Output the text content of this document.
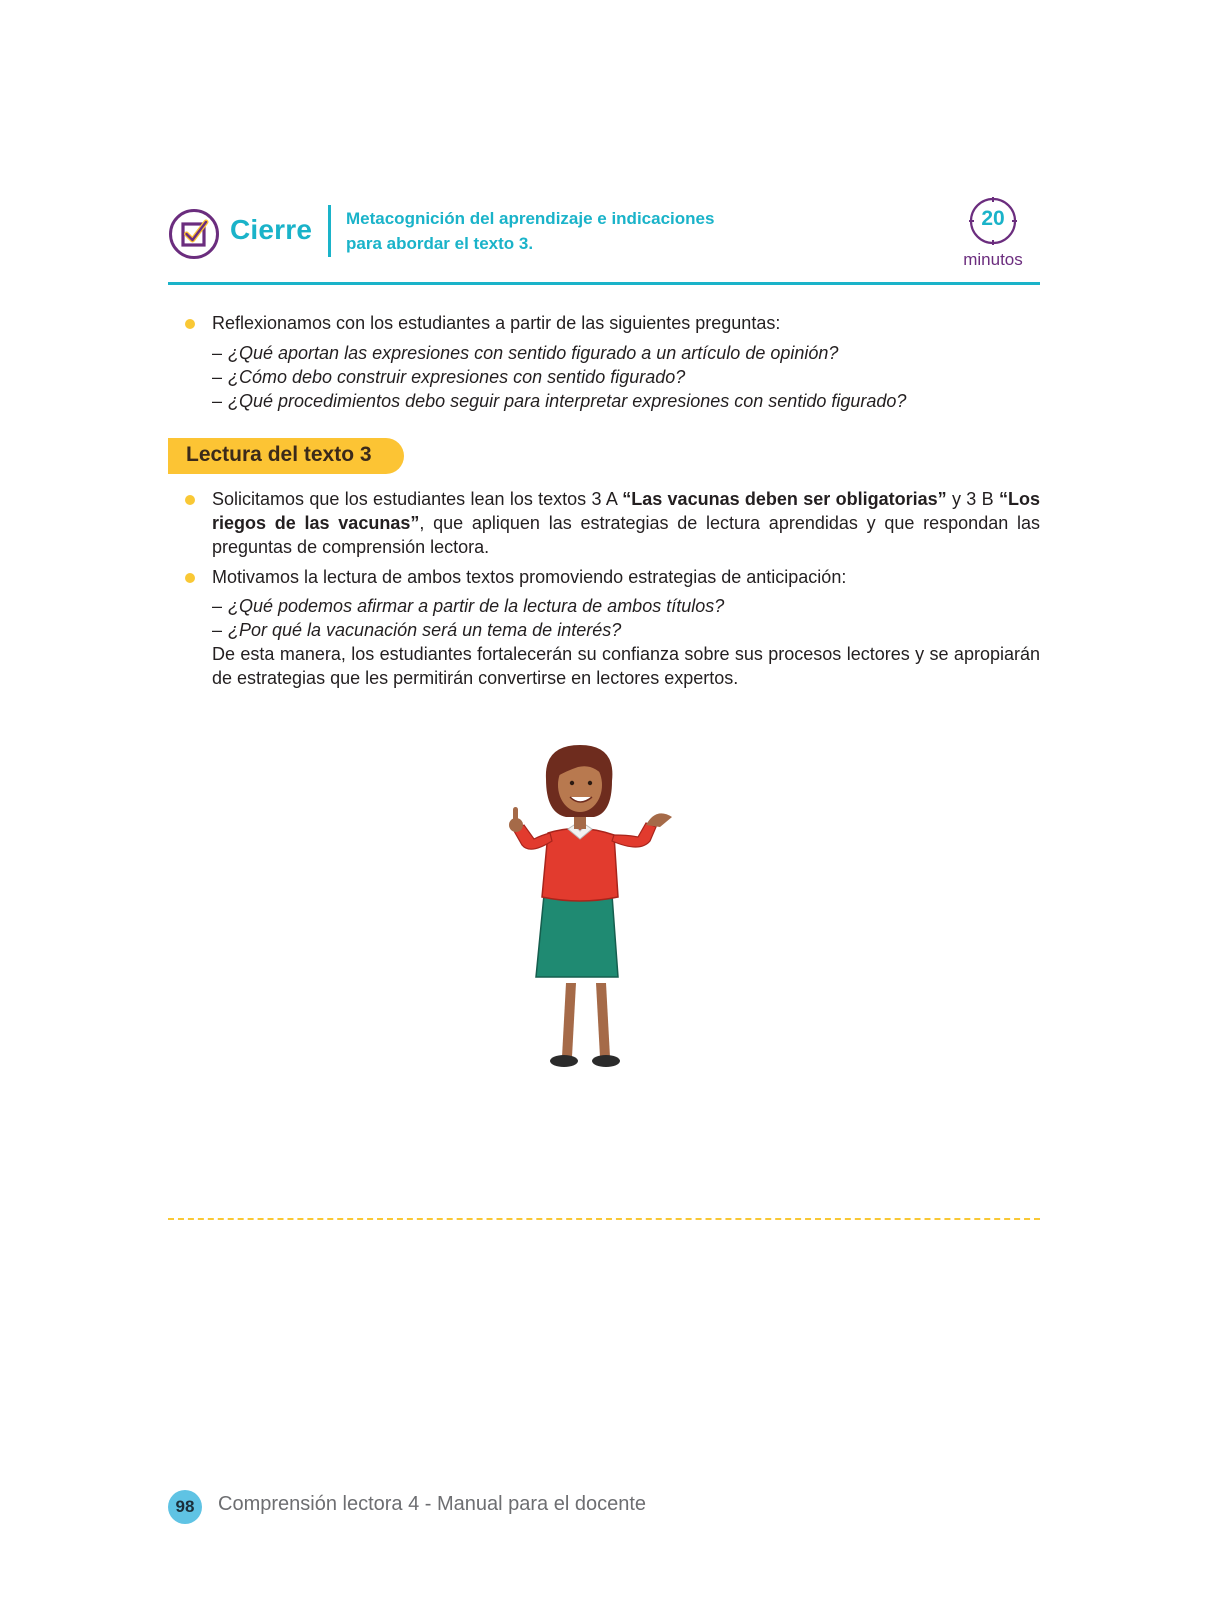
Cierre Metacognición del aprendizaje e indicaciones
para abordar el texto 3.
20
minutos
Reflexionamos con los estudiantes a partir de las siguientes preguntas:
– ¿Qué aportan las expresiones con sentido figurado a un artículo de opinión?
– ¿Cómo debo construir expresiones con sentido figurado?
– ¿Qué procedimientos debo seguir para interpretar expresiones con sentido figurado?
Lectura del texto 3
Solicitamos que los estudiantes lean los textos 3 A “Las vacunas deben ser obligatorias” y 3 B “Los riegos de las vacunas”, que apliquen las estrategias de lectura aprendidas y que respondan las preguntas de comprensión lectora.
Motivamos la lectura de ambos textos promoviendo estrategias de anticipación:
– ¿Qué podemos afirmar a partir de la lectura de ambos títulos?
– ¿Por qué la vacunación será un tema de interés?
De esta manera, los estudiantes fortalecerán su confianza sobre sus procesos lectores y se apropiarán de estrategias que les permitirán convertirse en lectores expertos.
98	Comprensión lectora 4 - Manual para el docente
